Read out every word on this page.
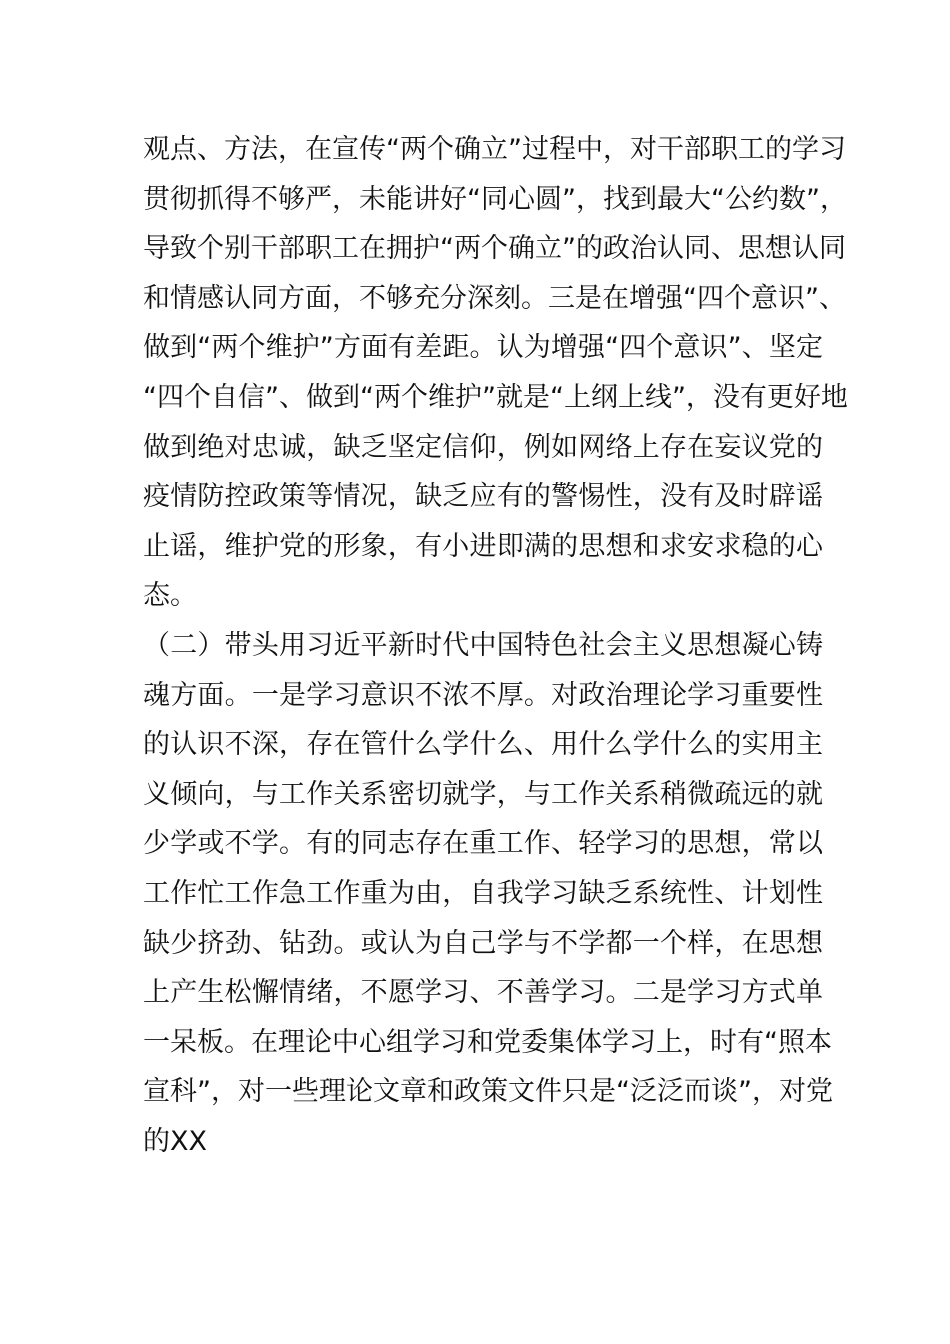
观点、方法，在宣传“两个确立”过程中，对干部职工的学习
贯彻抓得不够严，未能讲好“同心圆”，找到最大“公约数”，
导致个别干部职工在拥护“两个确立”的政治认同、思想认同
和情感认同方面，不够充分深刻。三是在增强“四个意识”、
做到“两个维护”方面有差距。认为增强“四个意识”、坚定
“四个自信”、做到“两个维护”就是“上纲上线”，没有更好地
做到绝对忠诚，缺乏坚定信仰，例如网络上存在妄议党的
疫情防控政策等情况，缺乏应有的警惕性，没有及时辟谣
止谣，维护党的形象，有小进即满的思想和求安求稳的心
态。
（二）带头用习近平新时代中国特色社会主义思想凝心铸
魂方面。一是学习意识不浓不厚。对政治理论学习重要性
的认识不深，存在管什么学什么、用什么学什么的实用主
义倾向，与工作关系密切就学，与工作关系稍微疏远的就
少学或不学。有的同志存在重工作、轻学习的思想，常以
工作忙工作急工作重为由，自我学习缺乏系统性、计划性
缺少挤劲、钻劲。或认为自己学与不学都一个样，在思想
上产生松懈情绪，不愿学习、不善学习。二是学习方式单
一呆板。在理论中心组学习和党委集体学习上，时有“照本
宣科”，对一些理论文章和政策文件只是“泛泛而谈”，对党
的XX
